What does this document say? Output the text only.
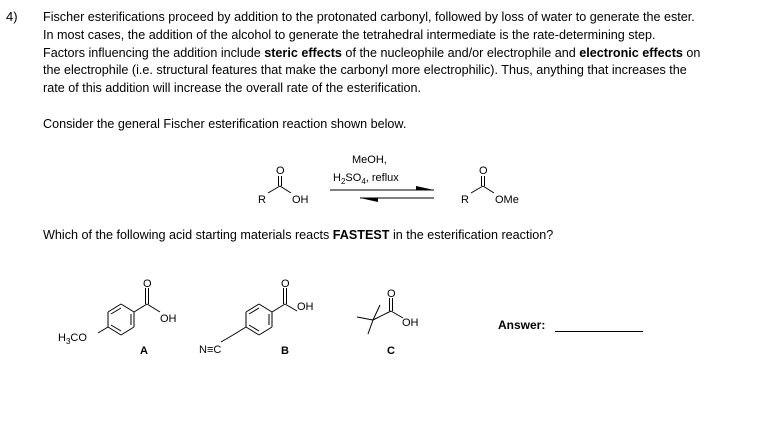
4) Fischer esterifications proceed by addition to the protonated carbonyl, followed by loss of water to generate the ester.
In most cases, the addition of the alcohol to generate the tetrahedral intermediate is the rate-determining step.
Factors influencing the addition include steric effects of the nucleophile and/or electrophile and electronic effects on
the electrophile (i.e. structural features that make the carbonyl more electrophilic). Thus, anything that increases the
rate of this addition will increase the overall rate of the esterification.

Consider the general Fischer esterification reaction shown below.

Which of the following acid starting materials reacts FASTEST in the esterification reaction?

O
R OH
MeOH,
$H_2SO_4$, reflux
O
R OMe
O
OH
$H_3CO$
A
O
OH
N≡C	B
O
OH
C
Answer:
